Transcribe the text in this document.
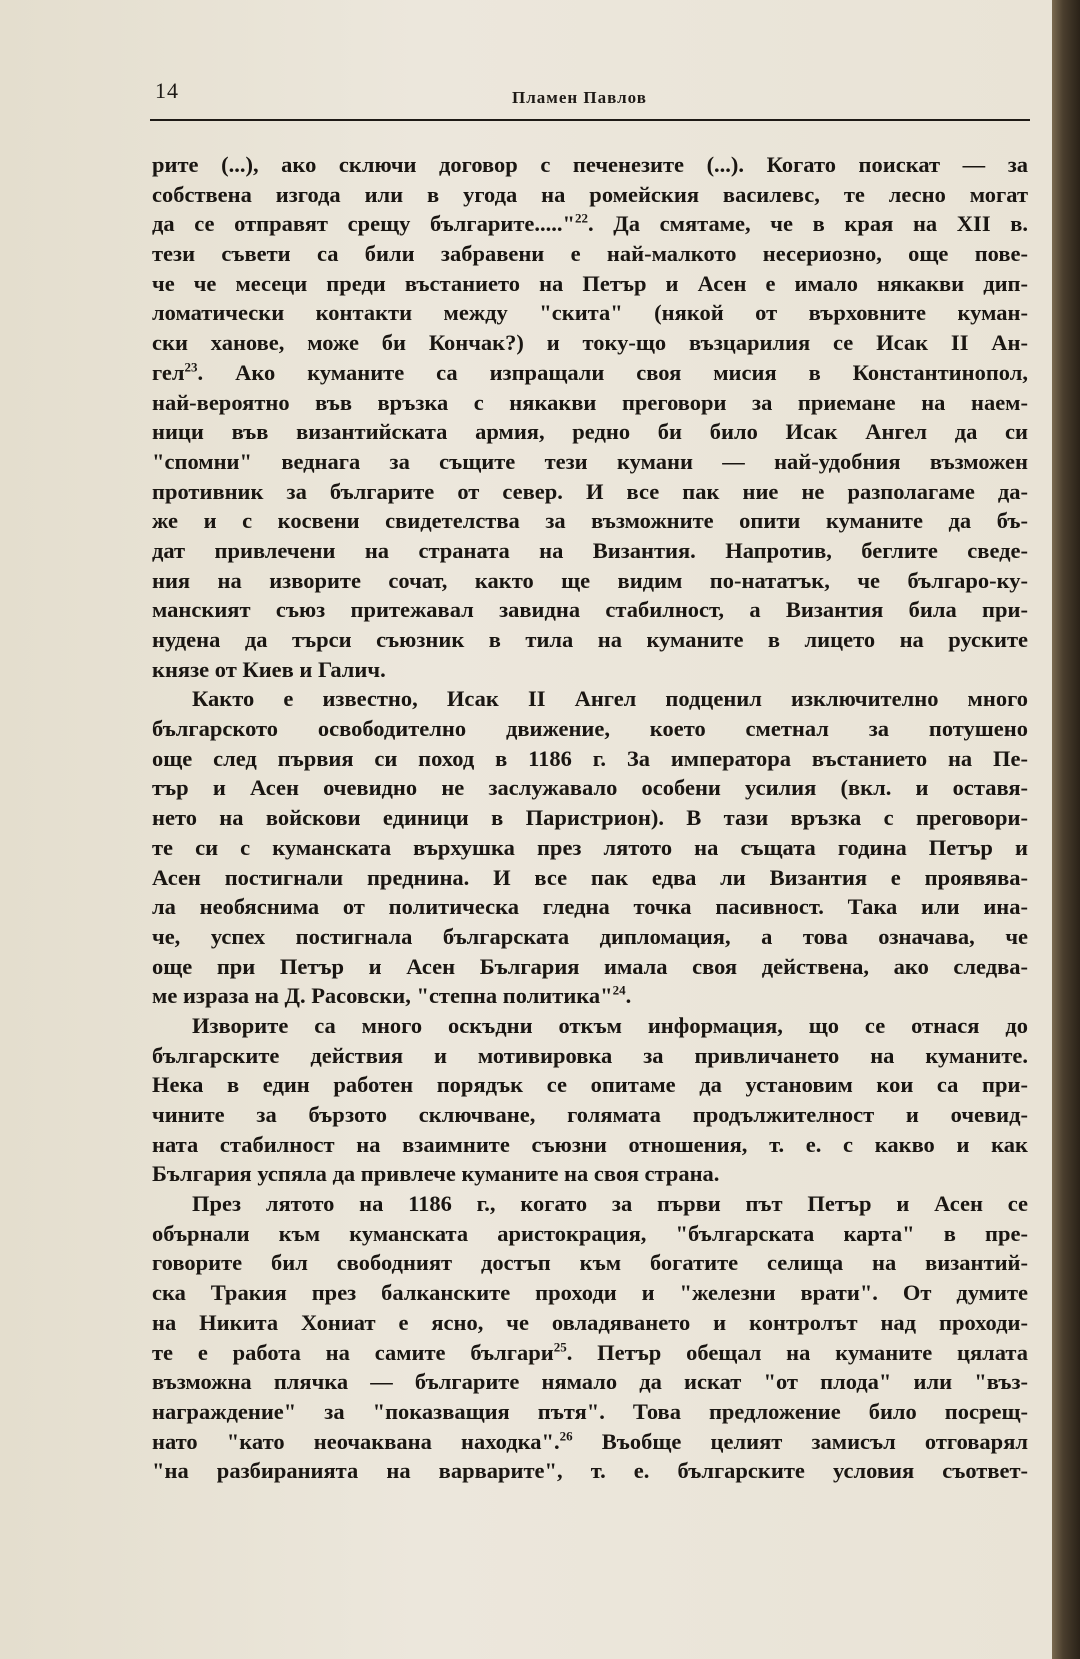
14	Пламен Павлов
рите (...), ако сключи договор с печенезите (...). Когато поискат — за
собствена изгода или в угода на ромейския василевс, те лесно могат
да се отправят срещу българите....."$^{22}$. Да смятаме, че в края на XII в.
тези съвети са били забравени е най-малкото несериозно, още пове-
че че месеци преди въстанието на Петър и Асен е имало някакви дип-
ломатически контакти между "скита" (някой от върховните куман-
ски ханове, може би Кончак?) и току-що възцарилия се Исак II Ан-
гел$^{23}$. Ако куманите са изпращали своя мисия в Константинопол,
най-вероятно във връзка с някакви преговори за приемане на наем-
ници във византийската армия, редно би било Исак Ангел да си
"спомни" веднага за същите тези кумани — най-удобния възможен
противник за българите от север. И все пак ние не разполагаме да-
же и с косвени свидетелства за възможните опити куманите да бъ-
дат привлечени на страната на Византия. Напротив, беглите сведе-
ния на изворите сочат, както ще видим по-нататък, че българо-ку-
манският съюз притежавал завидна стабилност, а Византия била при-
нудена да търси съюзник в тила на куманите в лицето на руските
князе от Киев и Галич.
Както е известно, Исак II Ангел подценил изключително много
българското освободително движение, което сметнал за потушено
още след първия си поход в 1186 г. За императора въстанието на Пе-
тър и Асен очевидно не заслужавало особени усилия (вкл. и оставя-
нето на войскови единици в Паристрион). В тази връзка с преговори-
те си с куманската върхушка през лятото на същата година Петър и
Асен постигнали преднина. И все пак едва ли Византия е проявявa-
ла необяснима от политическа гледна точка пасивност. Така или ина-
че, успех постигнала българската дипломация, а това означава, че
още при Петър и Асен България имала своя действена, ако следва-
ме израза на Д. Расовски, "степна политика"$^{24}$.
Изворите са много оскъдни откъм информация, що се отнася до
българските действия и мотивировка за привличането на куманите.
Нека в един работен порядък се опитаме да установим кои са при-
чините за бързото сключване, голямата продължителност и очевид-
ната стабилност на взаимните съюзни отношения, т. е. с какво и как
България успяла да привлече куманите на своя страна.
През лятото на 1186 г., когато за първи път Петър и Асен се
обърнали към куманската аристокрация, "българската карта" в пре-
говорите бил свободният достъп към богатите селища на византий-
ска Тракия през балканските проходи и "железни врати". От думите
на Никита Хониат е ясно, че овладяването и контролът над проходи-
те е работа на самите българи$^{25}$. Петър обещал на куманите цялата
възможна плячка — българите нямало да искат "от плода" или "въз-
награждение" за "показващия пътя". Това предложение било посрещ-
нато "като неочаквана находка".$^{26}$ Въобще целият замисъл отговарял
"на разбиранията на варварите", т. е. българските условия съответ-
